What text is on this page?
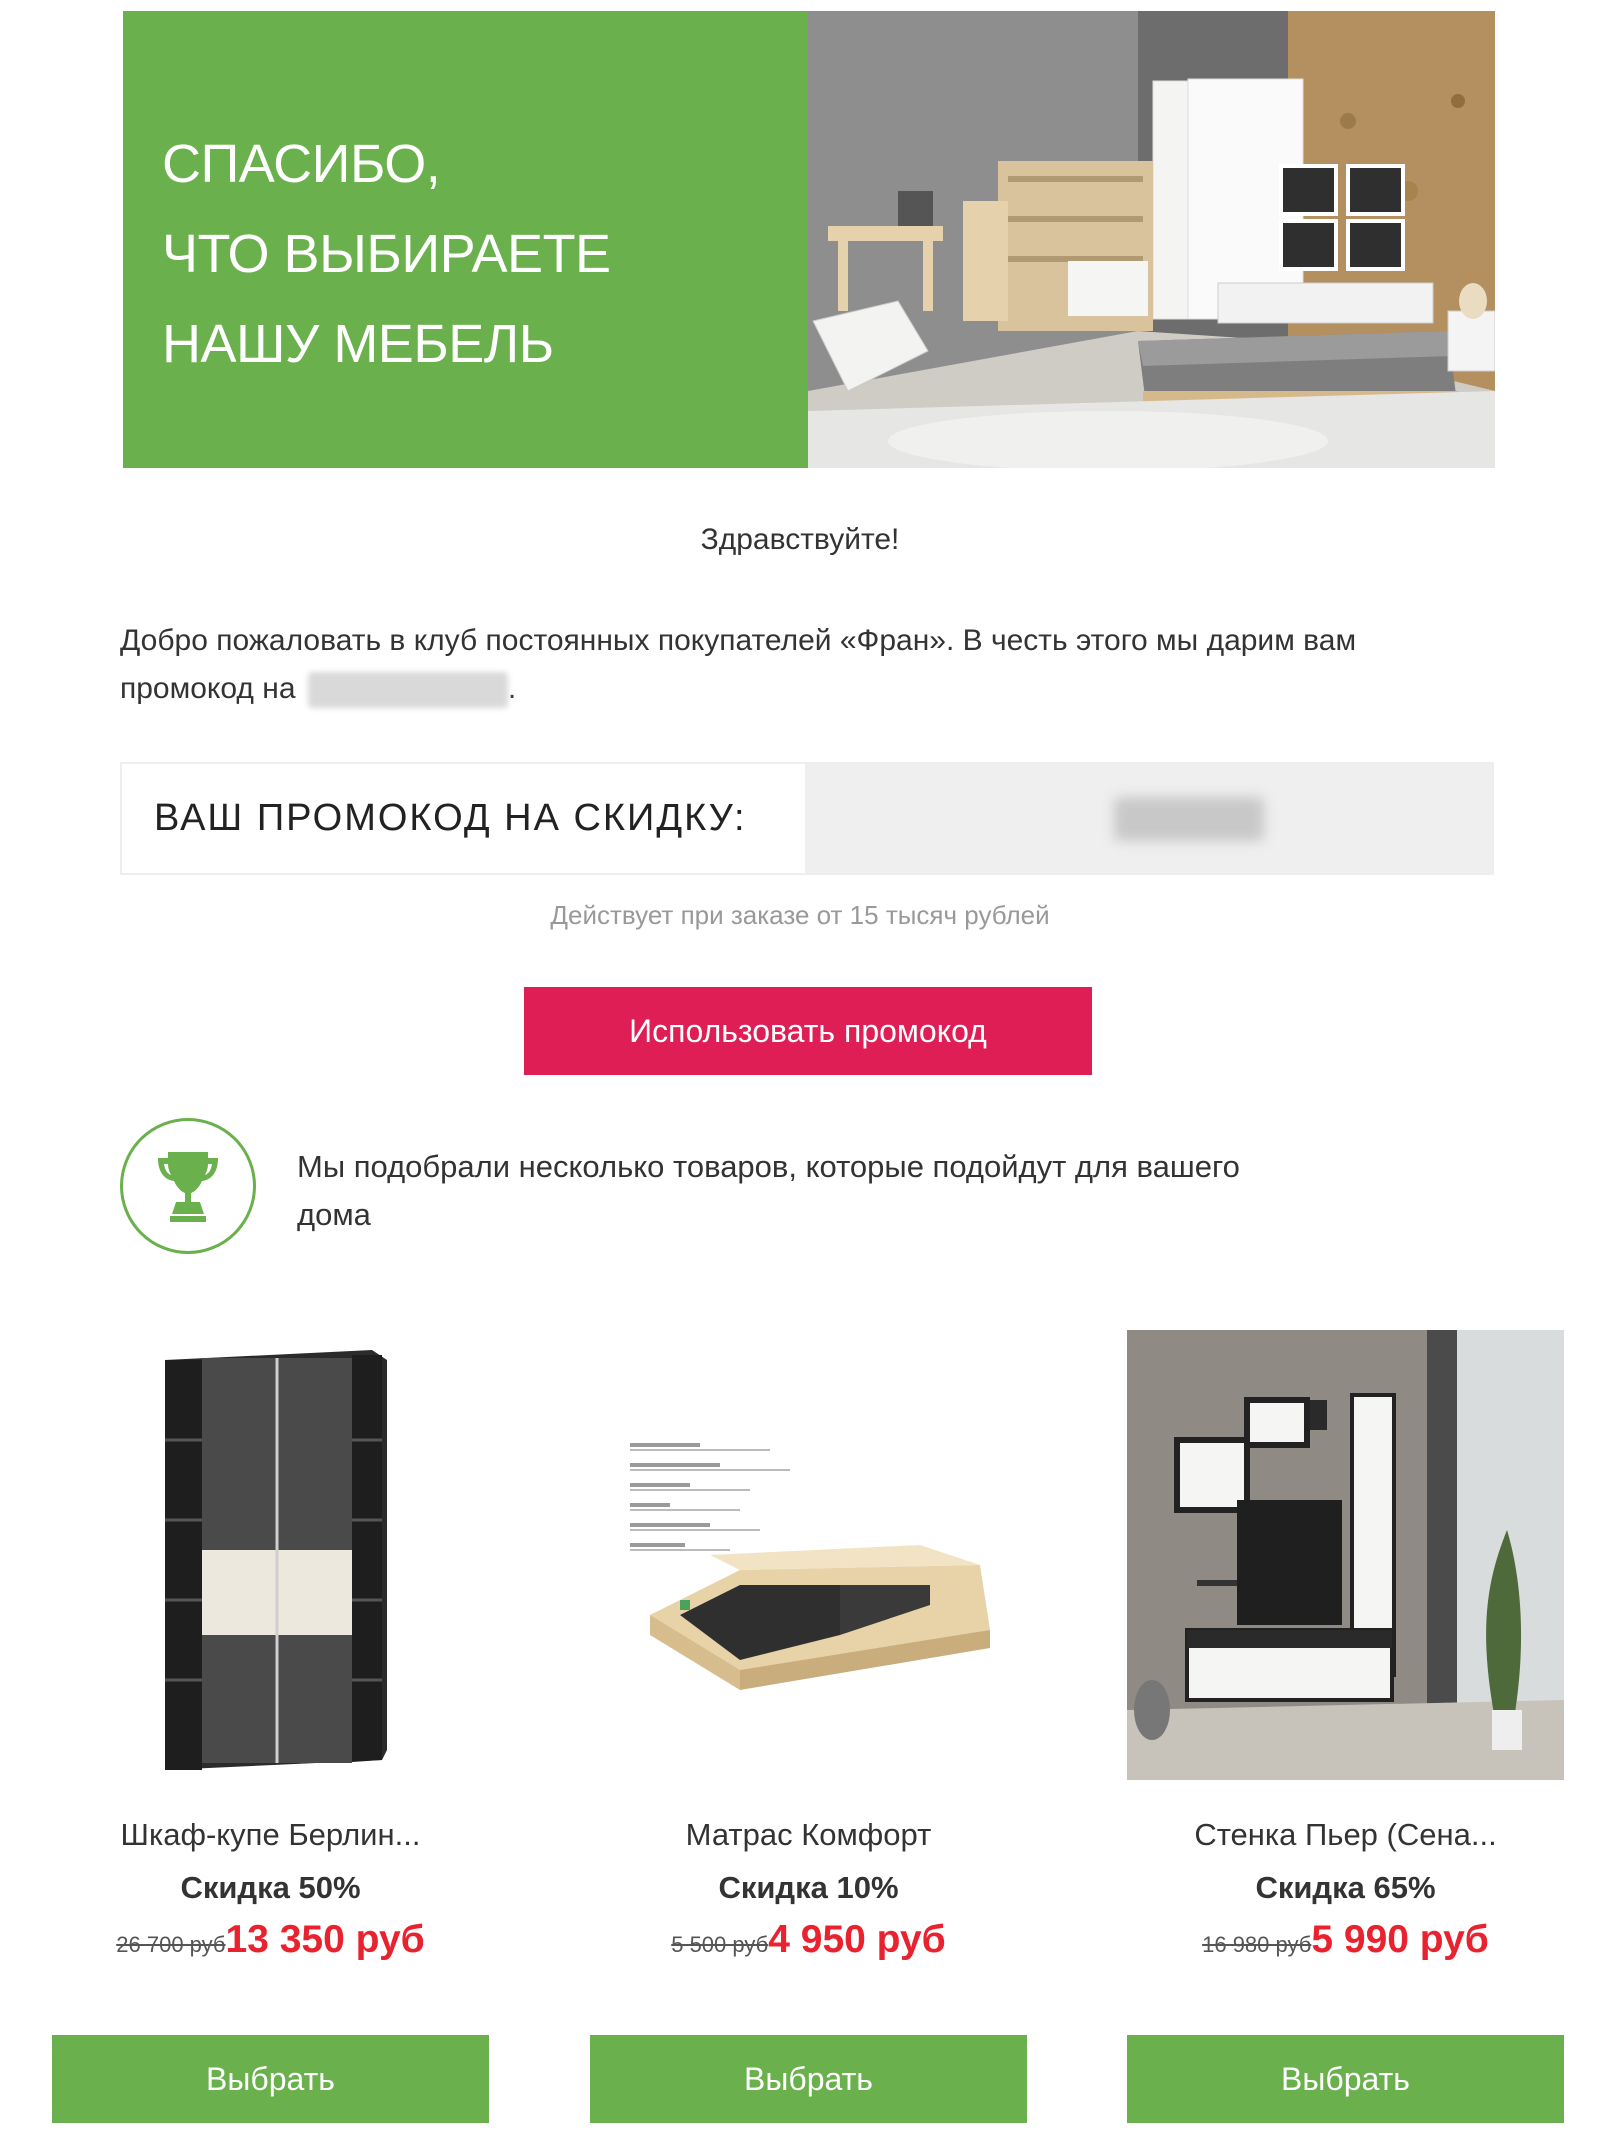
СПАСИБО,
ЧТО ВЫБИРАЕТЕ
НАШУ МЕБЕЛЬ
Здравствуйте!
Добро пожаловать в клуб постоянных покупателей «Фран». В честь этого мы дарим вам промокод на	.
ВАШ ПРОМОКОД НА СКИДКУ:
Действует при заказе от 15 тысяч рублей
Использовать промокод
Мы подобрали несколько товаров, которые подойдут для вашего дома
Шкаф-купе Берлин...
Скидка 50%
26 700 руб13 350 руб
Матрас Комфорт
Скидка 10%
5 500 руб4 950 руб
Стенка Пьер (Сена...
Скидка 65%
16 980 руб5 990 руб
Выбрать	Выбрать	Выбрать
